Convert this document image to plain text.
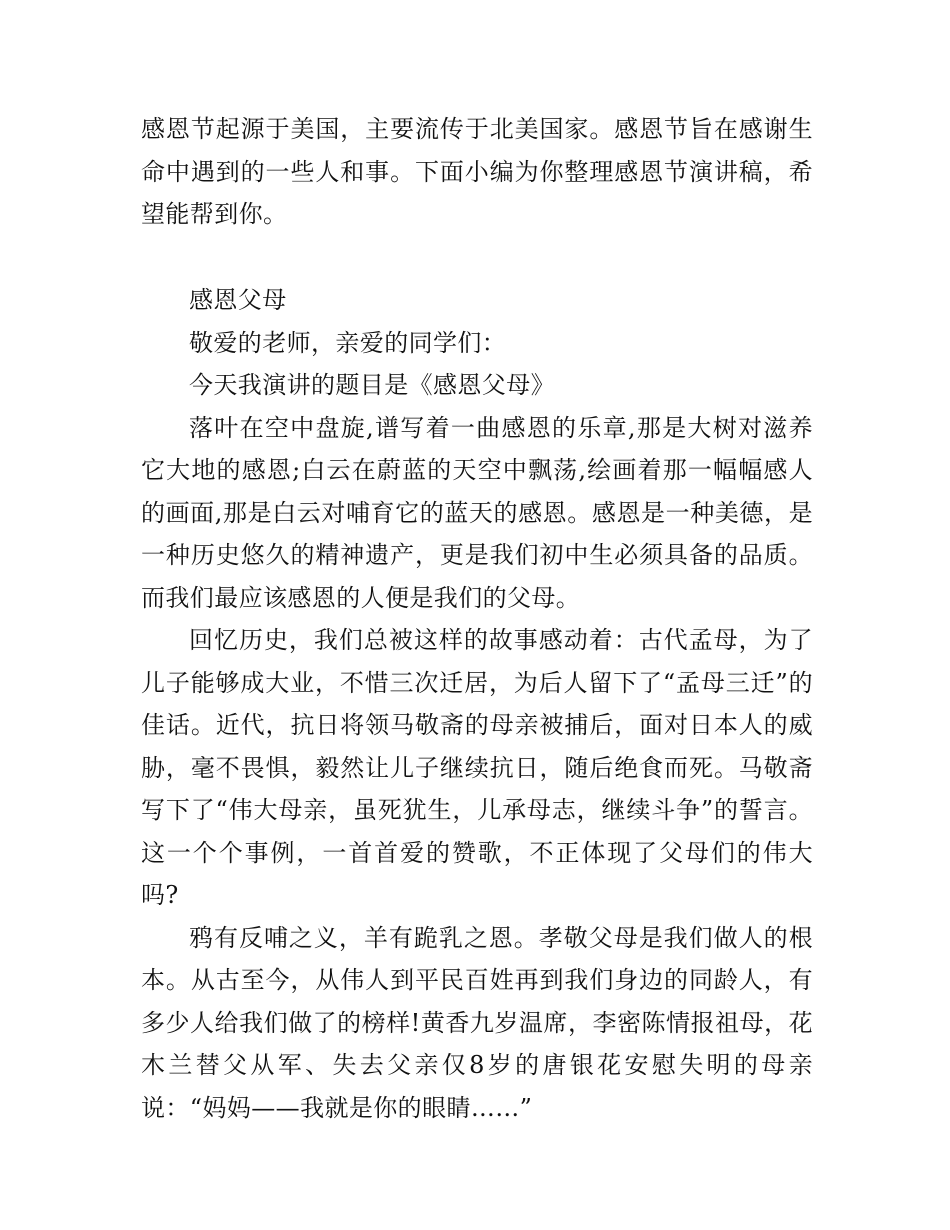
感恩节起源于美国，主要流传于北美国家。感恩节旨在感谢生命中遇到的一些人和事。下面小编为你整理感恩节演讲稿，希望能帮到你。

感恩父母

敬爱的老师，亲爱的同学们：

今天我演讲的题目是《感恩父母》

落叶在空中盘旋,谱写着一曲感恩的乐章,那是大树对滋养它大地的感恩;白云在蔚蓝的天空中飘荡,绘画着那一幅幅感人的画面,那是白云对哺育它的蓝天的感恩。感恩是一种美德，是一种历史悠久的精神遗产，更是我们初中生必须具备的品质。而我们最应该感恩的人便是我们的父母。

回忆历史，我们总被这样的故事感动着：古代孟母，为了儿子能够成大业，不惜三次迁居，为后人留下了“孟母三迁”的佳话。近代，抗日将领马敬斋的母亲被捕后，面对日本人的威胁，毫不畏惧，毅然让儿子继续抗日，随后绝食而死。马敬斋写下了“伟大母亲，虽死犹生，儿承母志，继续斗争”的誓言。这一个个事例，一首首爱的赞歌，不正体现了父母们的伟大吗?

鸦有反哺之义，羊有跪乳之恩。孝敬父母是我们做人的根本。从古至今，从伟人到平民百姓再到我们身边的同龄人，有多少人给我们做了的榜样!黄香九岁温席，李密陈情报祖母，花木兰替父从军、失去父亲仅8岁的唐银花安慰失明的母亲说：“妈妈——我就是你的眼睛……”
